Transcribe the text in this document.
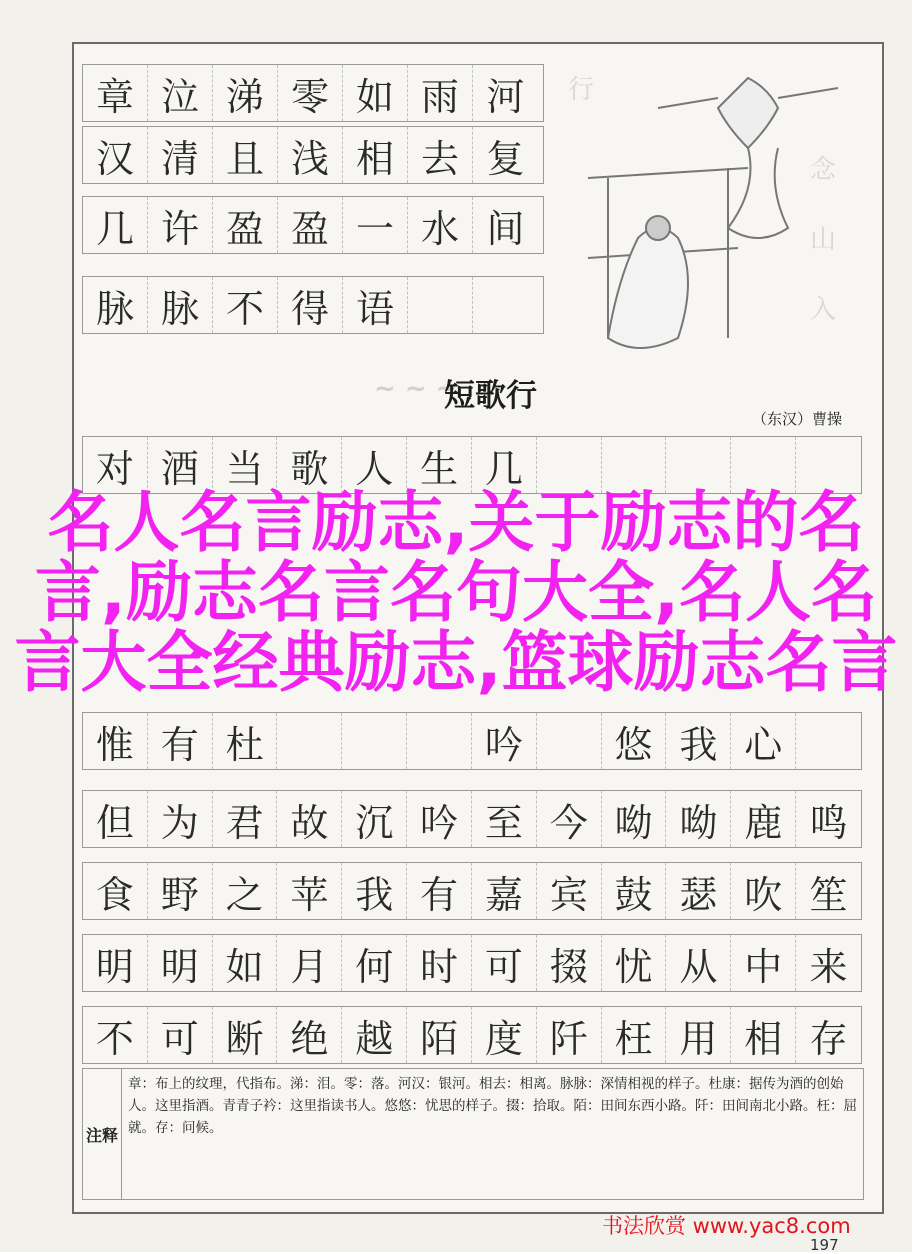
章 泣 涕 零 如 雨 河
汉 清 且 浅 相 去 复
几 许 盈 盈 一 水 间
脉 脉 不 得 语
行
念
山
入
~ ~ ~
短歌行
（东汉）曹操
对 酒 当 歌 人 生 几
惟 有 杜	吟	悠 我 心
但 为 君 故 沉 吟 至 今 呦 呦 鹿 鸣
食 野 之 苹 我 有 嘉 宾 鼓 瑟 吹 笙
明 明 如 月 何 时 可 掇 忧 从 中 来
不 可 断 绝 越 陌 度 阡 枉 用 相 存
注释
章：布上的纹理，代指布。涕：泪。零：落。河汉：银河。相去：相离。脉脉：深情相视的样子。杜康：据传为酒的创始人。这里指酒。青青子衿：这里指读书人。悠悠：忧思的样子。掇：拾取。陌：田间东西小路。阡：田间南北小路。枉：屈就。存：问候。
名人名言励志,关于励志的名言,励志名言名句大全,名人名言大全经典励志,篮球励志名言
书法欣赏 www.yac8.com
197
